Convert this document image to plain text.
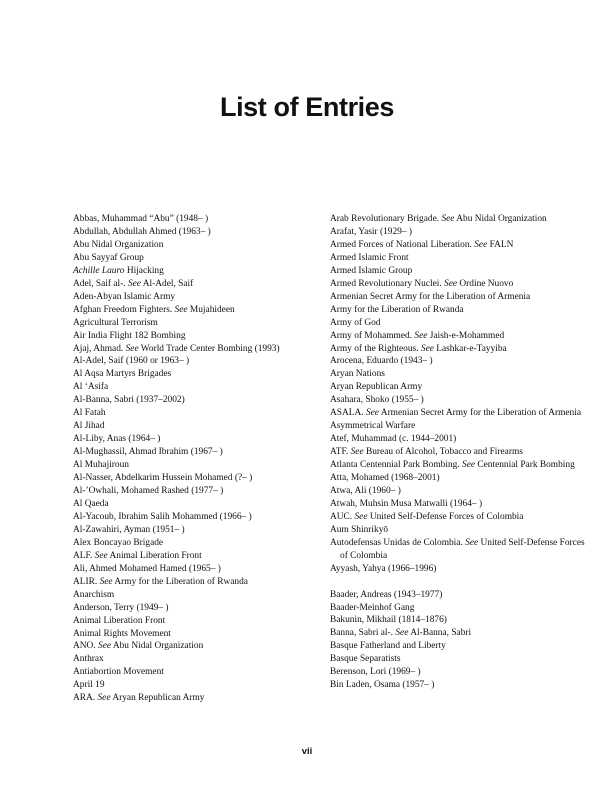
List of Entries
Abbas, Muhammad “Abu” (1948– )
Abdullah, Abdullah Ahmed (1963– )
Abu Nidal Organization
Abu Sayyaf Group
Achille Lauro Hijacking
Adel, Saif al-. See Al-Adel, Saif
Aden-Abyan Islamic Army
Afghan Freedom Fighters. See Mujahideen
Agricultural Terrorism
Air India Flight 182 Bombing
Ajaj, Ahmad. See World Trade Center Bombing (1993)
Al-Adel, Saif (1960 or 1963– )
Al Aqsa Martyrs Brigades
Al ‘Asifa
Al-Banna, Sabri (1937–2002)
Al Fatah
Al Jihad
Al-Liby, Anas (1964– )
Al-Mughassil, Ahmad Ibrahim (1967– )
Al Muhajiroun
Al-Nasser, Abdelkarim Hussein Mohamed (?– )
Al-’Owhali, Mohamed Rashed (1977– )
Al Qaeda
Al-Yacoub, Ibrahim Salih Mohammed (1966– )
Al-Zawahiri, Ayman (1951– )
Alex Boncayao Brigade
ALF. See Animal Liberation Front
Ali, Ahmed Mohamed Hamed (1965– )
ALIR. See Army for the Liberation of Rwanda
Anarchism
Anderson, Terry (1949– )
Animal Liberation Front
Animal Rights Movement
ANO. See Abu Nidal Organization
Anthrax
Antiabortion Movement
April 19
ARA. See Aryan Republican Army
Arab Revolutionary Brigade. See Abu Nidal Organization
Arafat, Yasir (1929– )
Armed Forces of National Liberation. See FALN
Armed Islamic Front
Armed Islamic Group
Armed Revolutionary Nuclei. See Ordine Nuovo
Armenian Secret Army for the Liberation of Armenia
Army for the Liberation of Rwanda
Army of God
Army of Mohammed. See Jaish-e-Mohammed
Army of the Righteous. See Lashkar-e-Tayyiba
Arocena, Eduardo (1943– )
Aryan Nations
Aryan Republican Army
Asahara, Shoko (1955– )
ASALA. See Armenian Secret Army for the Liberation of Armenia
Asymmetrical Warfare
Atef, Muhammad (c. 1944–2001)
ATF. See Bureau of Alcohol, Tobacco and Firearms
Atlanta Centennial Park Bombing. See Centennial Park Bombing
Atta, Mohamed (1968–2001)
Atwa, Ali (1960– )
Atwah, Muhsin Musa Matwalli (1964– )
AUC. See United Self-Defense Forces of Colombia
Aum Shinrikyō
Autodefensas Unidas de Colombia. See United Self-Defense Forces of Colombia
Ayyash, Yahya (1966–1996)
Baader, Andreas (1943–1977)
Baader-Meinhof Gang
Bakunin, Mikhail (1814–1876)
Banna, Sabri al-. See Al-Banna, Sabri
Basque Fatherland and Liberty
Basque Separatists
Berenson, Lori (1969– )
Bin Laden, Osama (1957– )
vii
